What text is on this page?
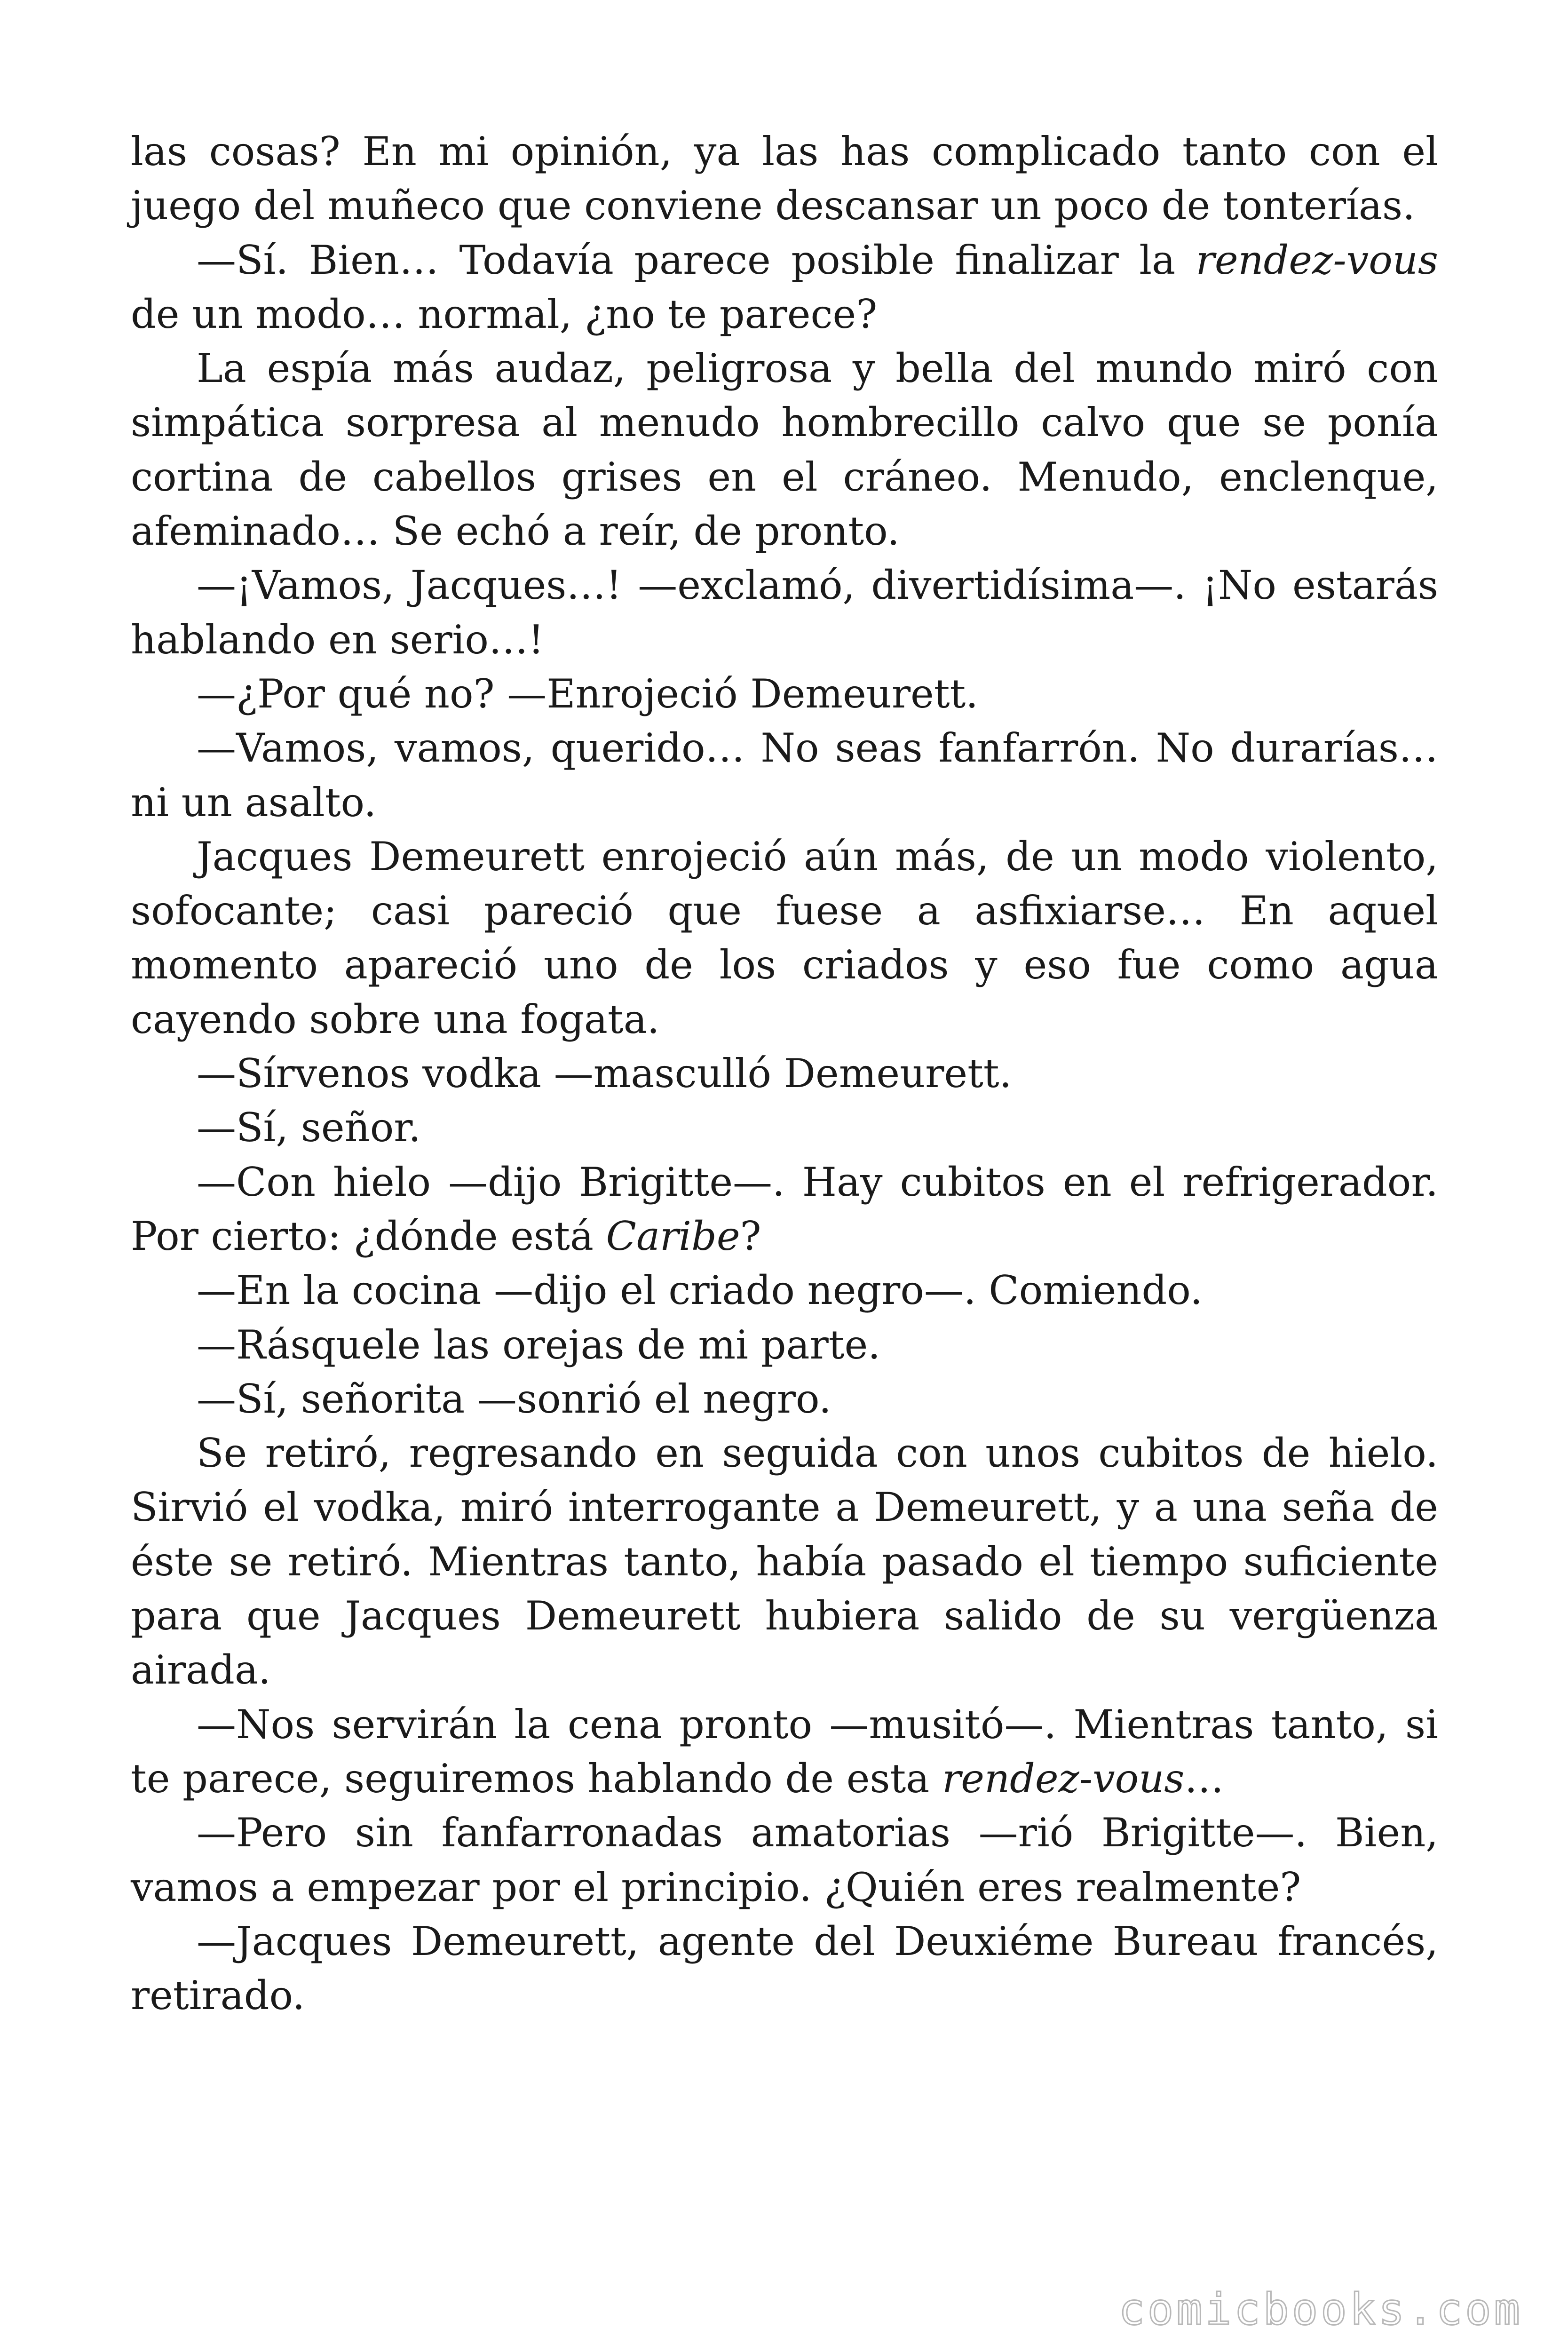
las cosas? En mi opinión, ya las has complicado tanto con el juego del muñeco que conviene descansar un poco de tonterías.

—Sí. Bien… Todavía parece posible finalizar la rendez-vous de un modo… normal, ¿no te parece?

La espía más audaz, peligrosa y bella del mundo miró con simpática sorpresa al menudo hombrecillo calvo que se ponía cortina de cabellos grises en el cráneo. Menudo, enclenque, afeminado… Se echó a reír, de pronto.

—¡Vamos, Jacques…! —exclamó, divertidísima—. ¡No estarás hablando en serio…!

—¿Por qué no? —Enrojeció Demeurett.

—Vamos, vamos, querido… No seas fanfarrón. No durarías… ni un asalto.

Jacques Demeurett enrojeció aún más, de un modo violento, sofocante; casi pareció que fuese a asfixiarse… En aquel momento apareció uno de los criados y eso fue como agua cayendo sobre una fogata.

—Sírvenos vodka —masculló Demeurett.

—Sí, señor.

—Con hielo —dijo Brigitte—. Hay cubitos en el refrigerador. Por cierto: ¿dónde está Caribe?

—En la cocina —dijo el criado negro—. Comiendo.

—Rásquele las orejas de mi parte.

—Sí, señorita —sonrió el negro.

Se retiró, regresando en seguida con unos cubitos de hielo. Sirvió el vodka, miró interrogante a Demeurett, y a una seña de éste se retiró. Mientras tanto, había pasado el tiempo suficiente para que Jacques Demeurett hubiera salido de su vergüenza airada.

—Nos servirán la cena pronto —musitó—. Mientras tanto, si te parece, seguiremos hablando de esta rendez-vous…

—Pero sin fanfarronadas amatorias —rió Brigitte—. Bien, vamos a empezar por el principio. ¿Quién eres realmente?

—Jacques Demeurett, agente del Deuxiéme Bureau francés, retirado.

comicbooks.com
